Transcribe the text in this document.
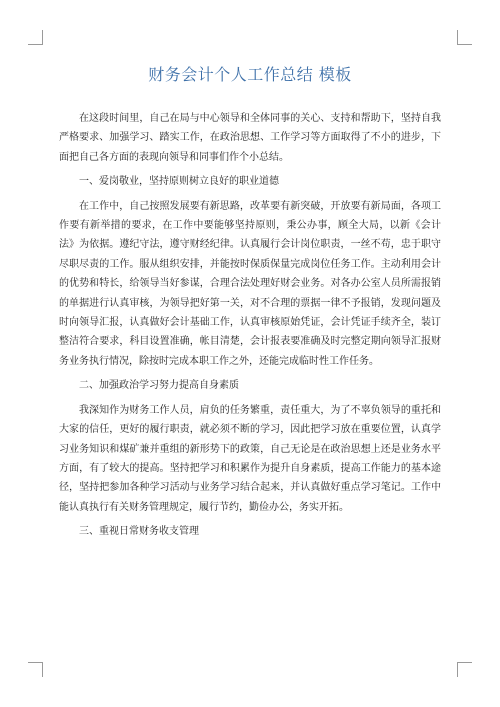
财务会计个人工作总结 模板

在这段时间里，自己在局与中心领导和全体同事的关心、支持和帮助下，坚持自我严格要求、加强学习、踏实工作，在政治思想、工作学习等方面取得了不小的进步，下面把自己各方面的表现向领导和同事们作个小总结。

一、爱岗敬业，坚持原则树立良好的职业道德

在工作中，自己按照发展要有新思路，改革要有新突破，开放要有新局面，各项工作要有新举措的要求，在工作中要能够坚持原则，秉公办事，顾全大局，以新《会计法》为依据。遵纪守法，遵守财经纪律。认真履行会计岗位职责，一丝不苟，忠于职守尽职尽责的工作。服从组织安排，并能按时保质保量完成岗位任务工作。主动利用会计的优势和特长，给领导当好参谋，合理合法处理好财会业务。对各办公室人员所需报销的单据进行认真审核，为领导把好第一关，对不合理的票据一律不予报销，发现问题及时向领导汇报，认真做好会计基础工作，认真审核原始凭证，会计凭证手续齐全，装订整洁符合要求，科目设置准确，帐目清楚，会计报表要准确及时完整定期向领导汇报财务业务执行情况，除按时完成本职工作之外，还能完成临时性工作任务。

二、加强政治学习努力提高自身素质

我深知作为财务工作人员，肩负的任务繁重，责任重大，为了不辜负领导的重托和大家的信任，更好的履行职责，就必须不断的学习，因此把学习放在重要位置，认真学习业务知识和煤矿兼并重组的新形势下的政策，自己无论是在政治思想上还是业务水平方面，有了较大的提高。坚持把学习和积累作为提升自身素质，提高工作能力的基本途径，坚持把参加各种学习活动与业务学习结合起来，并认真做好重点学习笔记。工作中能认真执行有关财务管理规定，履行节约，勤俭办公，务实开拓。

三、重视日常财务收支管理
